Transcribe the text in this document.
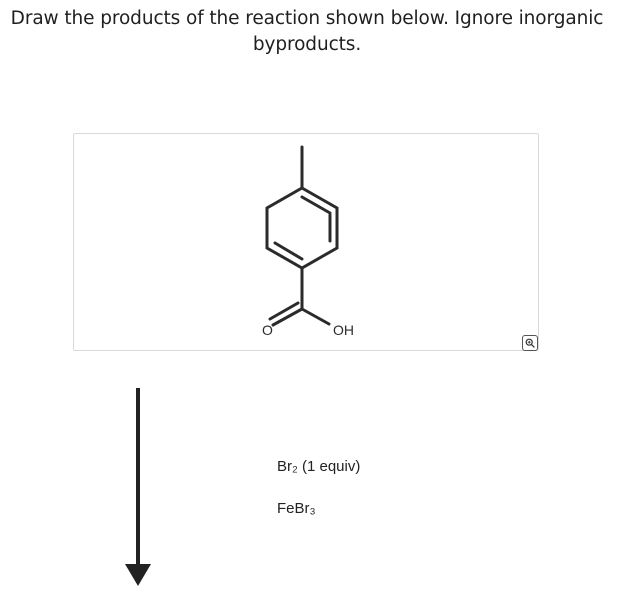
Draw the products of the reaction shown below. Ignore inorganic
byproducts.
O	OH
Br₂ (1 equiv)
FeBr₃
